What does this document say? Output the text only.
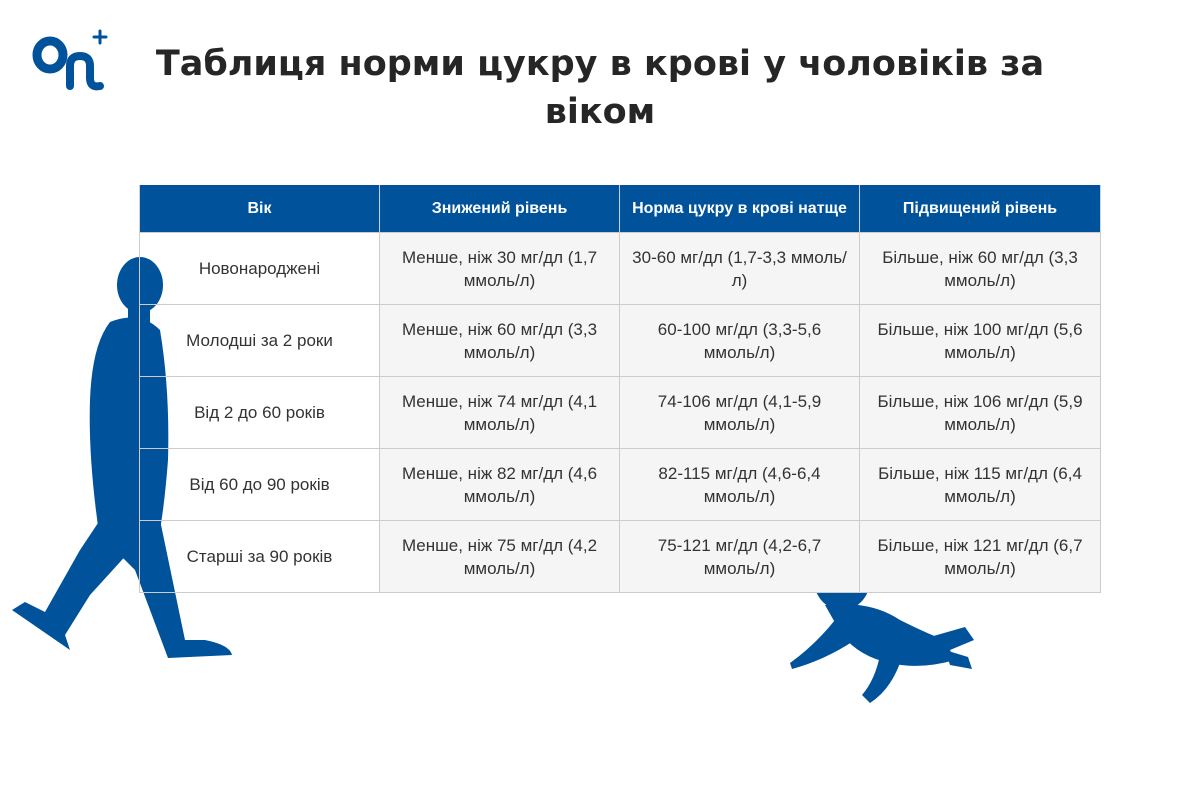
Таблиця норми цукру в крові у чоловіків за віком
Вік	Знижений рівень	Норма цукру в крові натще	Підвищений рівень
Новонароджені	Менше, ніж 30 мг/дл (1,7 ммоль/л)	30-60 мг/дл (1,7-3,3 ммоль/л)	Більше, ніж 60 мг/дл (3,3 ммоль/л)
Молодші за 2 роки	Менше, ніж 60 мг/дл (3,3 ммоль/л)	60-100 мг/дл (3,3-5,6 ммоль/л)	Більше, ніж 100 мг/дл (5,6 ммоль/л)
Від 2 до 60 років	Менше, ніж 74 мг/дл (4,1 ммоль/л)	74-106 мг/дл (4,1-5,9 ммоль/л)	Більше, ніж 106 мг/дл (5,9 ммоль/л)
Від 60 до 90 років	Менше, ніж 82 мг/дл (4,6 ммоль/л)	82-115 мг/дл (4,6-6,4 ммоль/л)	Більше, ніж 115 мг/дл (6,4 ммоль/л)
Старші за 90 років	Менше, ніж 75 мг/дл (4,2 ммоль/л)	75-121 мг/дл (4,2-6,7 ммоль/л)	Більше, ніж 121 мг/дл (6,7 ммоль/л)
